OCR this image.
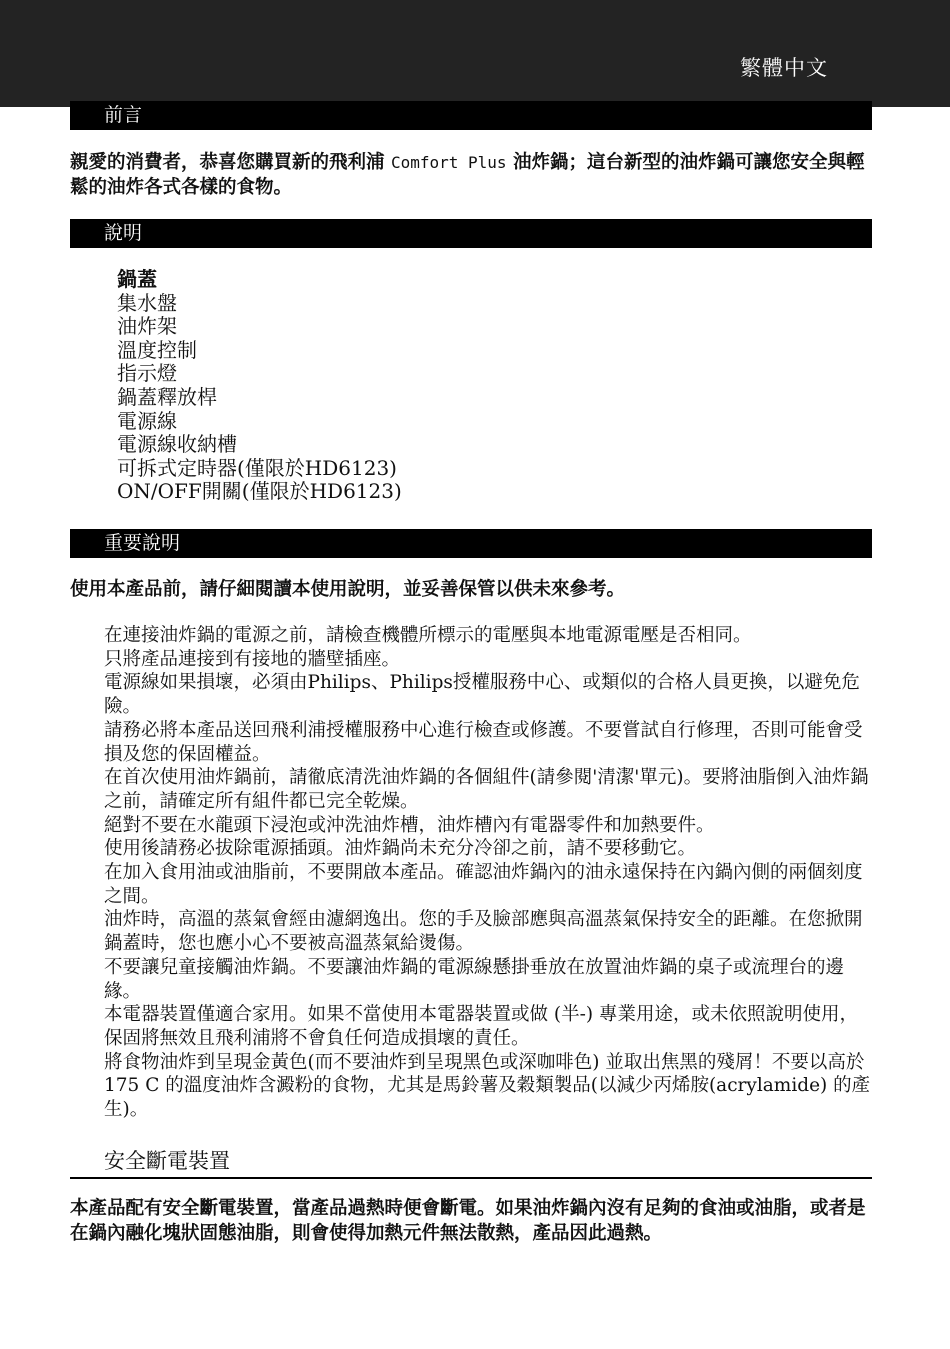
繁體中文
前言
親愛的消費者，恭喜您購買新的飛利浦 Comfort Plus 油炸鍋；這台新型的油炸鍋可讓您安全與輕鬆的油炸各式各樣的食物。
說明
鍋蓋
集水盤
油炸架
溫度控制
指示燈
鍋蓋釋放桿
電源線
電源線收納槽
可拆式定時器(僅限於HD6123)
ON/OFF開關(僅限於HD6123)
重要說明
使用本產品前，請仔細閱讀本使用說明，並妥善保管以供未來參考。
在連接油炸鍋的電源之前，請檢查機體所標示的電壓與本地電源電壓是否相同。
只將產品連接到有接地的牆壁插座。
電源線如果損壞，必須由Philips、Philips授權服務中心、或類似的合格人員更換，以避免危險。
請務必將本產品送回飛利浦授權服務中心進行檢查或修護。不要嘗試自行修理，否則可能會受損及您的保固權益。
在首次使用油炸鍋前，請徹底清洗油炸鍋的各個組件(請參閱'清潔'單元)。要將油脂倒入油炸鍋之前，請確定所有組件都已完全乾燥。
絕對不要在水龍頭下浸泡或沖洗油炸槽，油炸槽內有電器零件和加熱要件。
使用後請務必拔除電源插頭。油炸鍋尚未充分冷卻之前，請不要移動它。
在加入食用油或油脂前，不要開啟本產品。確認油炸鍋內的油永遠保持在內鍋內側的兩個刻度之間。
油炸時，高溫的蒸氣會經由濾網逸出。您的手及臉部應與高溫蒸氣保持安全的距離。在您掀開鍋蓋時，您也應小心不要被高溫蒸氣給燙傷。
不要讓兒童接觸油炸鍋。不要讓油炸鍋的電源線懸掛垂放在放置油炸鍋的桌子或流理台的邊緣。
本電器裝置僅適合家用。如果不當使用本電器裝置或做 (半-) 專業用途，或未依照說明使用，保固將無效且飛利浦將不會負任何造成損壞的責任。
將食物油炸到呈現金黃色(而不要油炸到呈現黑色或深咖啡色) 並取出焦黑的殘屑！不要以高於175 C 的溫度油炸含澱粉的食物，尤其是馬鈴薯及穀類製品(以減少丙烯胺(acrylamide) 的產生)。
安全斷電裝置
本產品配有安全斷電裝置，當產品過熱時便會斷電。如果油炸鍋內沒有足夠的食油或油脂，或者是在鍋內融化塊狀固態油脂，則會使得加熱元件無法散熱，產品因此過熱。
